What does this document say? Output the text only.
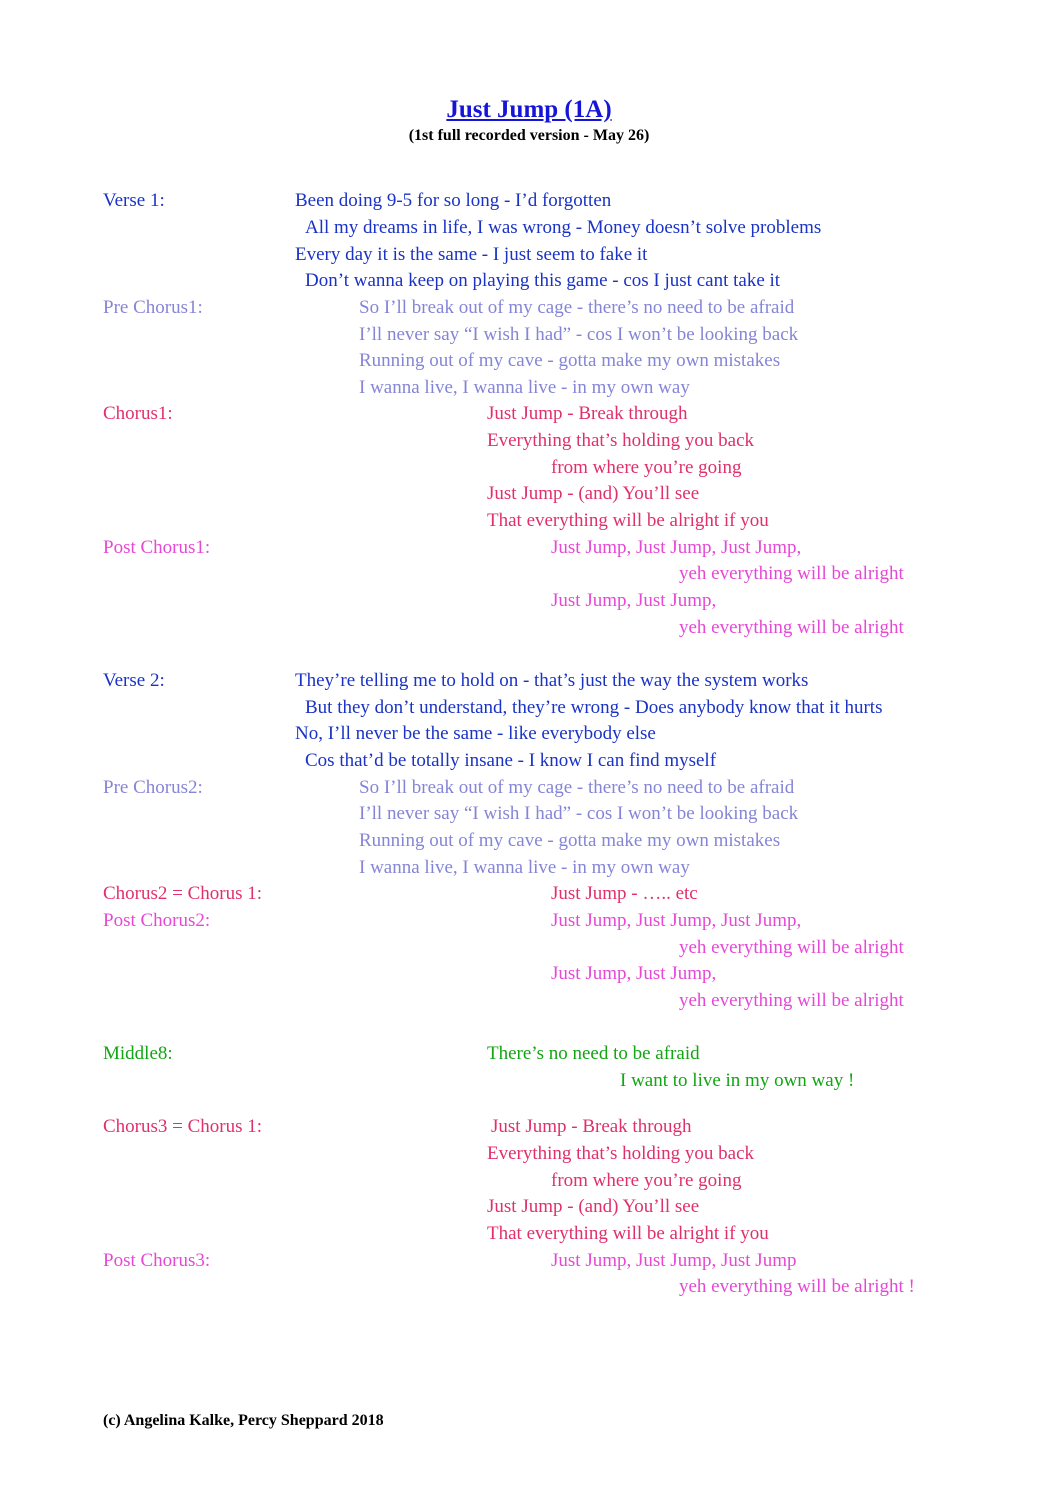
Just Jump (1A)
(1st full recorded version - May 26)
Verse 1:	Been doing 9-5 for so long - I’d forgotten
All my dreams in life, I was wrong - Money doesn’t solve problems
Every day it is the same - I just seem to fake it
Don’t wanna keep on playing this game - cos I just cant take it
Pre Chorus1:	So I’ll break out of my cage - there’s no need to be afraid
I’ll never say “I wish I had” - cos I won’t be looking back
Running out of my cave - gotta make my own mistakes
I wanna live, I wanna live - in my own way
Chorus1:	Just Jump - Break through
Everything that’s holding you back
from where you’re going
Just Jump - (and) You’ll see
That everything will be alright if you
Post Chorus1:	Just Jump, Just Jump, Just Jump,
yeh everything will be alright
Just Jump, Just Jump,
yeh everything will be alright
Verse 2:	They’re telling me to hold on - that’s just the way the system works
But they don’t understand, they’re wrong - Does anybody know that it hurts
No, I’ll never be the same - like everybody else
Cos that’d be totally insane - I know I can find myself
Pre Chorus2:	So I’ll break out of my cage - there’s no need to be afraid
I’ll never say “I wish I had” - cos I won’t be looking back
Running out of my cave - gotta make my own mistakes
I wanna live, I wanna live - in my own way
Chorus2 = Chorus 1:	Just Jump - ….. etc
Post Chorus2:	Just Jump, Just Jump, Just Jump,
yeh everything will be alright
Just Jump, Just Jump,
yeh everything will be alright
Middle8:	There’s no need to be afraid
I want to live in my own way !
Chorus3 = Chorus 1:	Just Jump - Break through
Everything that’s holding you back
from where you’re going
Just Jump - (and) You’ll see
That everything will be alright if you
Post Chorus3:	Just Jump, Just Jump, Just Jump
yeh everything will be alright !
(c) Angelina Kalke, Percy Sheppard 2018
